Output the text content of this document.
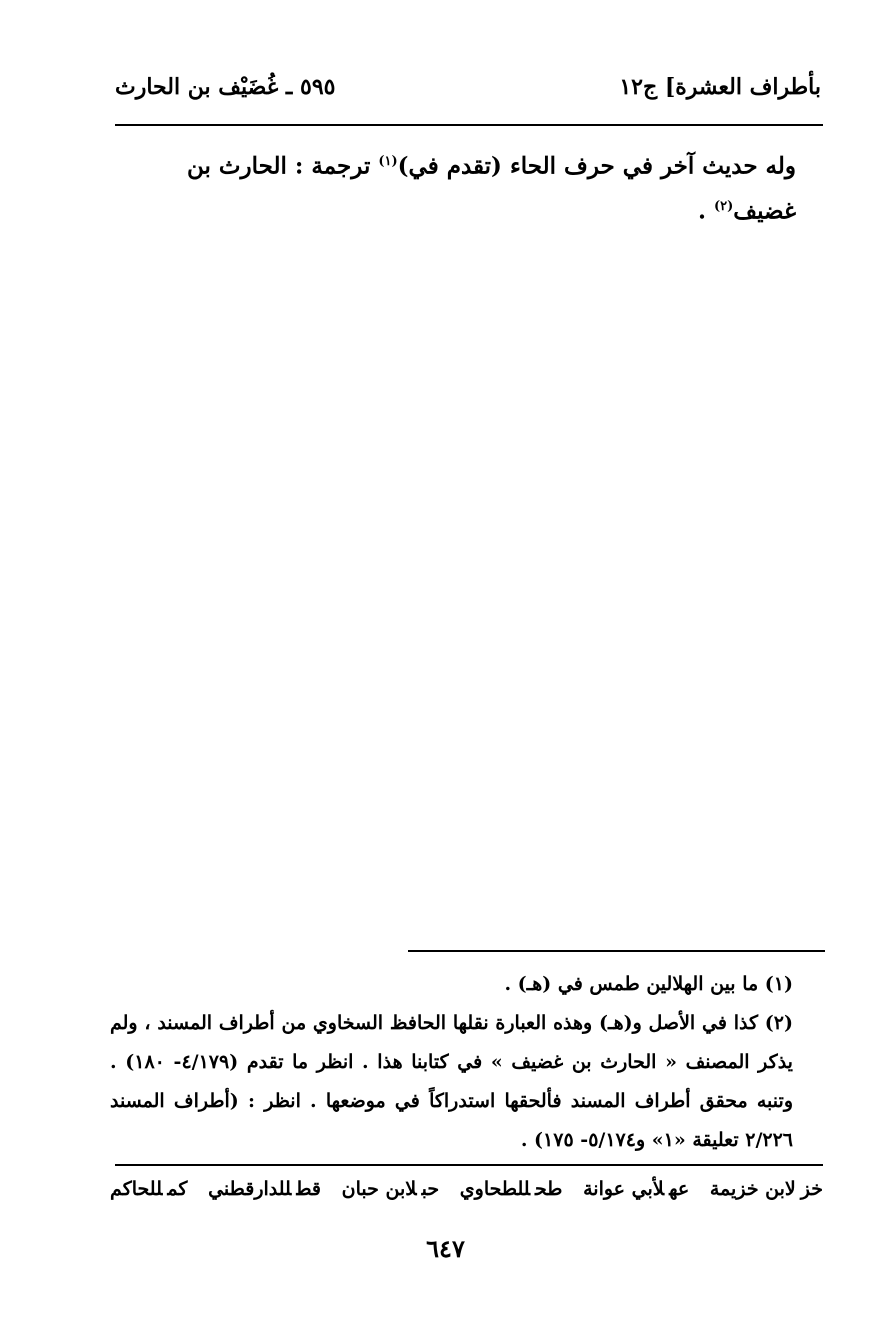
بأطراف العشرة] ج١٢
٥٩٥ ـ غُضَيْف بن الحارث
وله حديث آخر في حرف الحاء (تقدم في)$^{(١)}$ ترجمة : الحارث بن غضيف$^{(٢)}$ .

(١) ما بين الهلالين طمس في (هـ) .

(٢) كذا في الأصل و(هـ) وهذه العبارة نقلها الحافظ السخاوي من أطراف المسند ، ولم يذكر المصنف « الحارث بن غضيف » في كتابنا هذا . انظر ما تقدم (٤/١٧٩- ١٨٠) . وتنبه محقق أطراف المسند فألحقها استدراكاً في موضعها . انظر : (أطراف المسند ٢/٢٢٦ تعليقة «١» و٥/١٧٤- ١٧٥) .

خزلابن خزيمة
عهلأبي عوانة
طحللطحاوي
حبلابن حبان
قطللدارقطني
كمللحاكم
٦٤٧
